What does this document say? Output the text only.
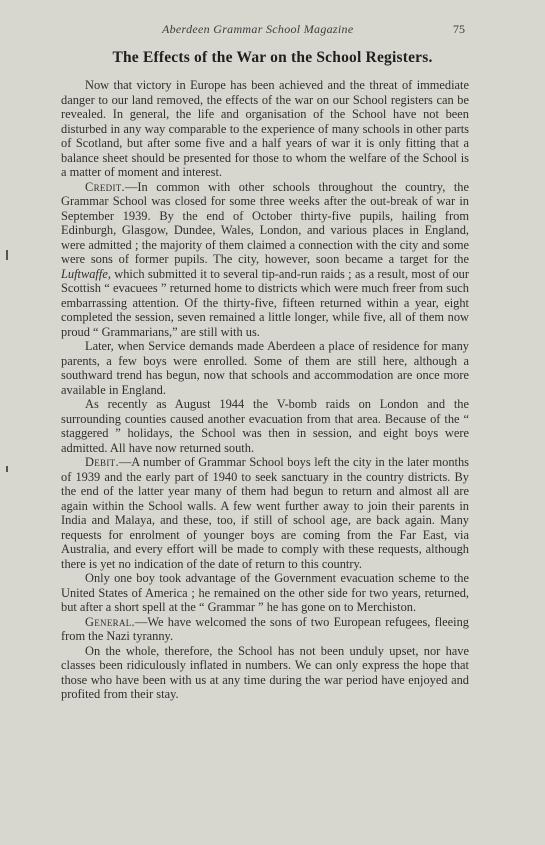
Aberdeen Grammar School Magazine	75
The Effects of the War on the School Registers.

Now that victory in Europe has been achieved and the threat of immediate danger to our land removed, the effects of the war on our School registers can be revealed. In general, the life and organisation of the School have not been disturbed in any way comparable to the experience of many schools in other parts of Scotland, but after some five and a half years of war it is only fitting that a balance sheet should be presented for those to whom the welfare of the School is a matter of moment and interest.

Credit.—In common with other schools throughout the country, the Grammar School was closed for some three weeks after the out-break of war in September 1939. By the end of October thirty-five pupils, hailing from Edinburgh, Glasgow, Dundee, Wales, London, and various places in England, were admitted ; the majority of them claimed a connection with the city and some were sons of former pupils. The city, however, soon became a target for the Luftwaffe, which submitted it to several tip-and-run raids ; as a result, most of our Scottish “ evacuees ” returned home to districts which were much freer from such embarrassing attention. Of the thirty-five, fifteen returned within a year, eight completed the session, seven remained a little longer, while five, all of them now proud “ Grammarians,” are still with us.

Later, when Service demands made Aberdeen a place of residence for many parents, a few boys were enrolled. Some of them are still here, although a southward trend has begun, now that schools and accommodation are once more available in England.

As recently as August 1944 the V-bomb raids on London and the surrounding counties caused another evacuation from that area. Because of the “ staggered ” holidays, the School was then in session, and eight boys were admitted. All have now returned south.

Debit.—A number of Grammar School boys left the city in the later months of 1939 and the early part of 1940 to seek sanctuary in the country districts. By the end of the latter year many of them had begun to return and almost all are again within the School walls. A few went further away to join their parents in India and Malaya, and these, too, if still of school age, are back again. Many requests for enrolment of younger boys are coming from the Far East, via Australia, and every effort will be made to comply with these requests, although there is yet no indication of the date of return to this country.

Only one boy took advantage of the Government evacuation scheme to the United States of America ; he remained on the other side for two years, returned, but after a short spell at the “ Grammar ” he has gone on to Merchiston.

General.—We have welcomed the sons of two European refugees, fleeing from the Nazi tyranny.

On the whole, therefore, the School has not been unduly upset, nor have classes been ridiculously inflated in numbers. We can only express the hope that those who have been with us at any time during the war period have enjoyed and profited from their stay.
